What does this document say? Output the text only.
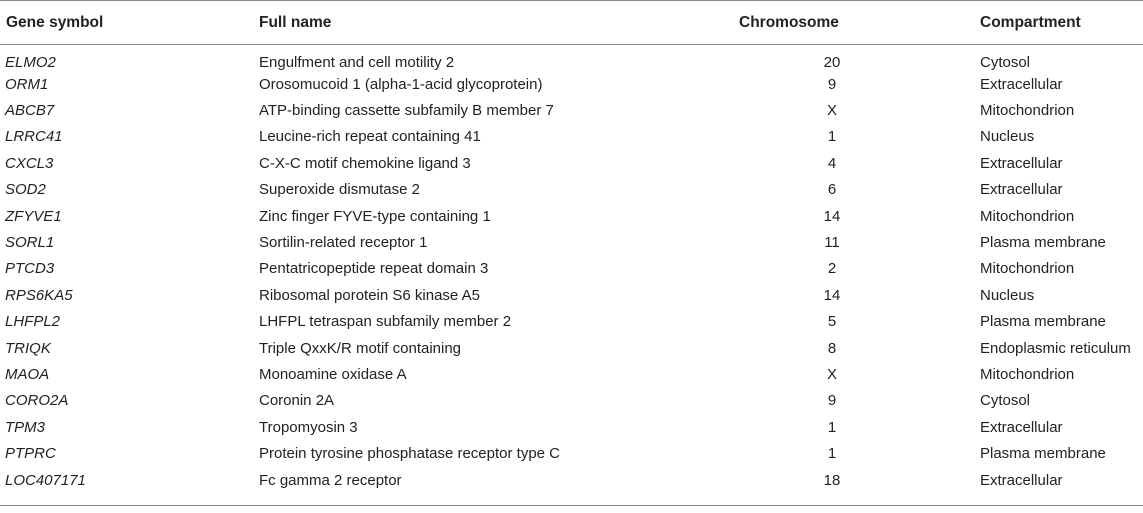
Gene symbol	Full name	Chromosome	Compartment
ELMO2	Engulfment and cell motility 2	20	Cytosol
ORM1	Orosomucoid 1 (alpha-1-acid glycoprotein)	9	Extracellular
ABCB7	ATP-binding cassette subfamily B member 7	X	Mitochondrion
LRRC41	Leucine-rich repeat containing 41	1	Nucleus
CXCL3	C-X-C motif chemokine ligand 3	4	Extracellular
SOD2	Superoxide dismutase 2	6	Extracellular
ZFYVE1	Zinc finger FYVE-type containing 1	14	Mitochondrion
SORL1	Sortilin-related receptor 1	11	Plasma membrane
PTCD3	Pentatricopeptide repeat domain 3	2	Mitochondrion
RPS6KA5	Ribosomal porotein S6 kinase A5	14	Nucleus
LHFPL2	LHFPL tetraspan subfamily member 2	5	Plasma membrane
TRIQK	Triple QxxK/R motif containing	8	Endoplasmic reticulum
MAOA	Monoamine oxidase A	X	Mitochondrion
CORO2A	Coronin 2A	9	Cytosol
TPM3	Tropomyosin 3	1	Extracellular
PTPRC	Protein tyrosine phosphatase receptor type C	1	Plasma membrane
LOC407171	Fc gamma 2 receptor	18	Extracellular
